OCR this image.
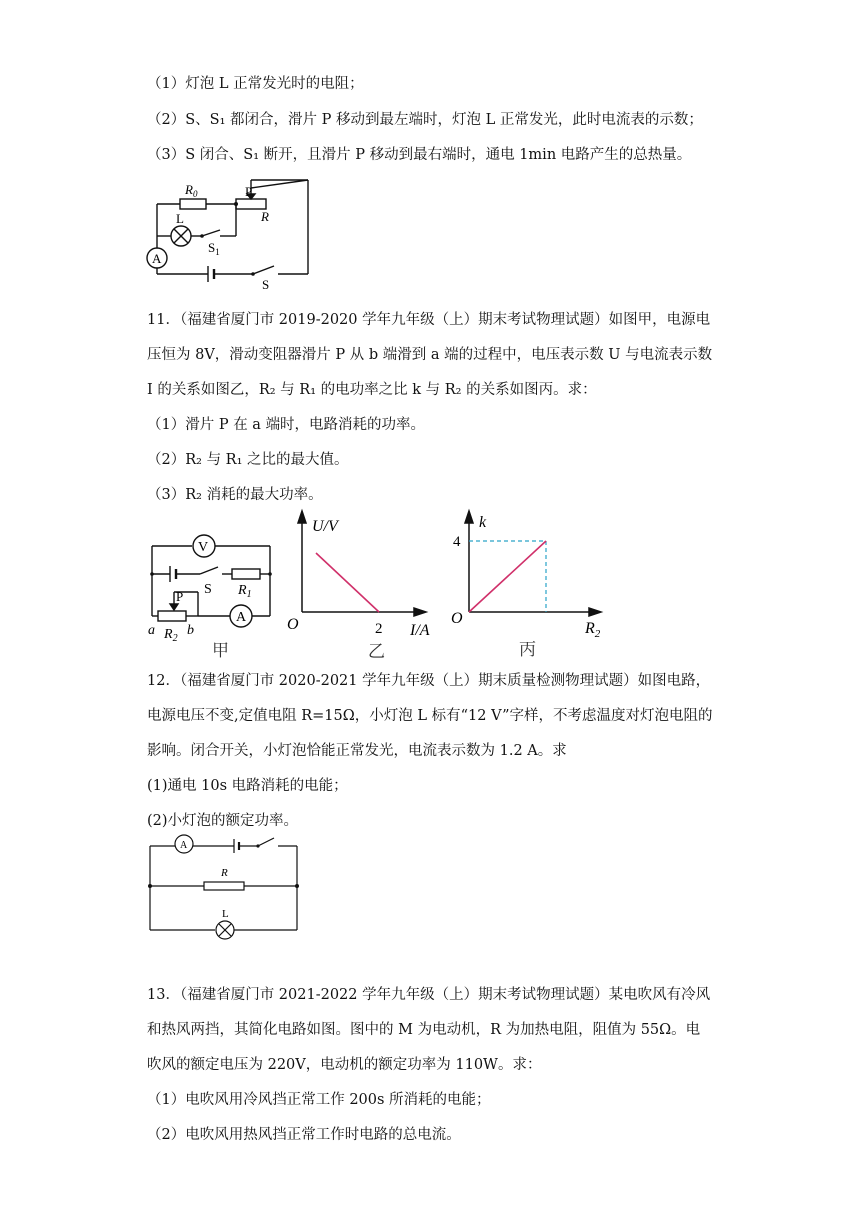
（1）灯泡 L 正常发光时的电阻；
（2）S、S₁ 都闭合，滑片 P 移动到最左端时，灯泡 L 正常发光，此时电流表的示数；
（3）S 闭合、S₁ 断开，且滑片 P 移动到最右端时，通电 1min 电路产生的总热量。
$R_0$	P
R
L
$S_1$
A
S
11．（福建省厦门市 2019-2020 学年九年级（上）期末考试物理试题）如图甲，电源电
压恒为 8V，滑动变阻器滑片 P 从 b 端滑到 a 端的过程中，电压表示数 U 与电流表示数
I 的关系如图乙，R₂ 与 R₁ 的电功率之比 k 与 R₂ 的关系如图丙。求：
（1）滑片 P 在 a 端时，电路消耗的功率。
（2）R₂ 与 R₁ 之比的最大值。
（3）R₂ 消耗的最大功率。
V
S $R_1$
P
a $R_2$
b
A
甲
U/V
O	2 I/A
乙
k
4
O
$R_2$
丙
12．（福建省厦门市 2020-2021 学年九年级（上）期末质量检测物理试题）如图电路，
电源电压不变,定值电阻 R=15Ω，小灯泡 L 标有“12 V”字样，不考虑温度对灯泡电阻的
影响。闭合开关，小灯泡恰能正常发光，电流表示数为 1.2 A。求
(1)通电 10s 电路消耗的电能；
(2)小灯泡的额定功率。
A
R
L
13．（福建省厦门市 2021-2022 学年九年级（上）期末考试物理试题）某电吹风有冷风
和热风两挡，其简化电路如图。图中的 M 为电动机，R 为加热电阻，阻值为 55Ω。电
吹风的额定电压为 220V，电动机的额定功率为 110W。求：
（1）电吹风用冷风挡正常工作 200s 所消耗的电能；
（2）电吹风用热风挡正常工作时电路的总电流。
